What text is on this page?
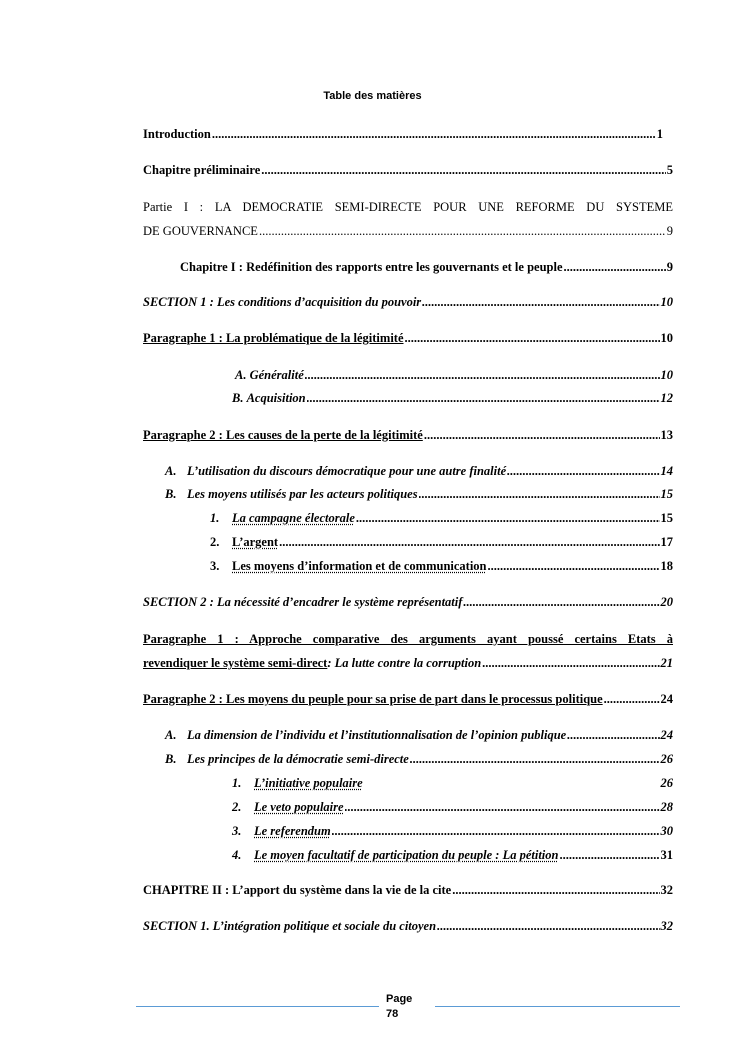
Table des matières
Introduction .....	1
Chapitre préliminaire .....	5
Partie I : LA DEMOCRATIE SEMI-DIRECTE POUR UNE REFORME DU SYSTEME
DE GOUVERNANCE .....	9
Chapitre I : Redéfinition des rapports entre les gouvernants et le peuple .....	9
SECTION 1 : Les conditions d’acquisition du pouvoir .....	10
Paragraphe 1 : La problématique de la légitimité .....	10
A.
Généralité .....	10
B.
Acquisition .....	12
Paragraphe 2 : Les causes de la perte de la légitimité .....	13
A. L’utilisation du discours démocratique pour une autre finalité .....	14
B. Les moyens utilisés par les acteurs politiques .....	15
1. La campagne électorale .....	15
2. L’argent .....	17
3. Les moyens d’information et de communication .....	18
SECTION 2 : La nécessité d’encadrer le système représentatif .....	20
Paragraphe 1 : Approche comparative des arguments ayant poussé certains Etats à
revendiquer le système semi-direct : La lutte contre la corruption .....	21
Paragraphe 2 : Les moyens du peuple pour sa prise de part dans le processus politique .....	24
A. La dimension de l’individu et l’institutionnalisation de l’opinion publique .....	24
B. Les principes de la démocratie semi-directe .....	26
1. L’initiative populaire	26
2. Le veto populaire .....	28
3. Le referendum .....	30
4. Le moyen facultatif de participation du peuple : La pétition .....	31
CHAPITRE II : L’apport du système dans la vie de la cite .....	32
SECTION 1. L’intégration politique et sociale du citoyen .....	32
Page
78
